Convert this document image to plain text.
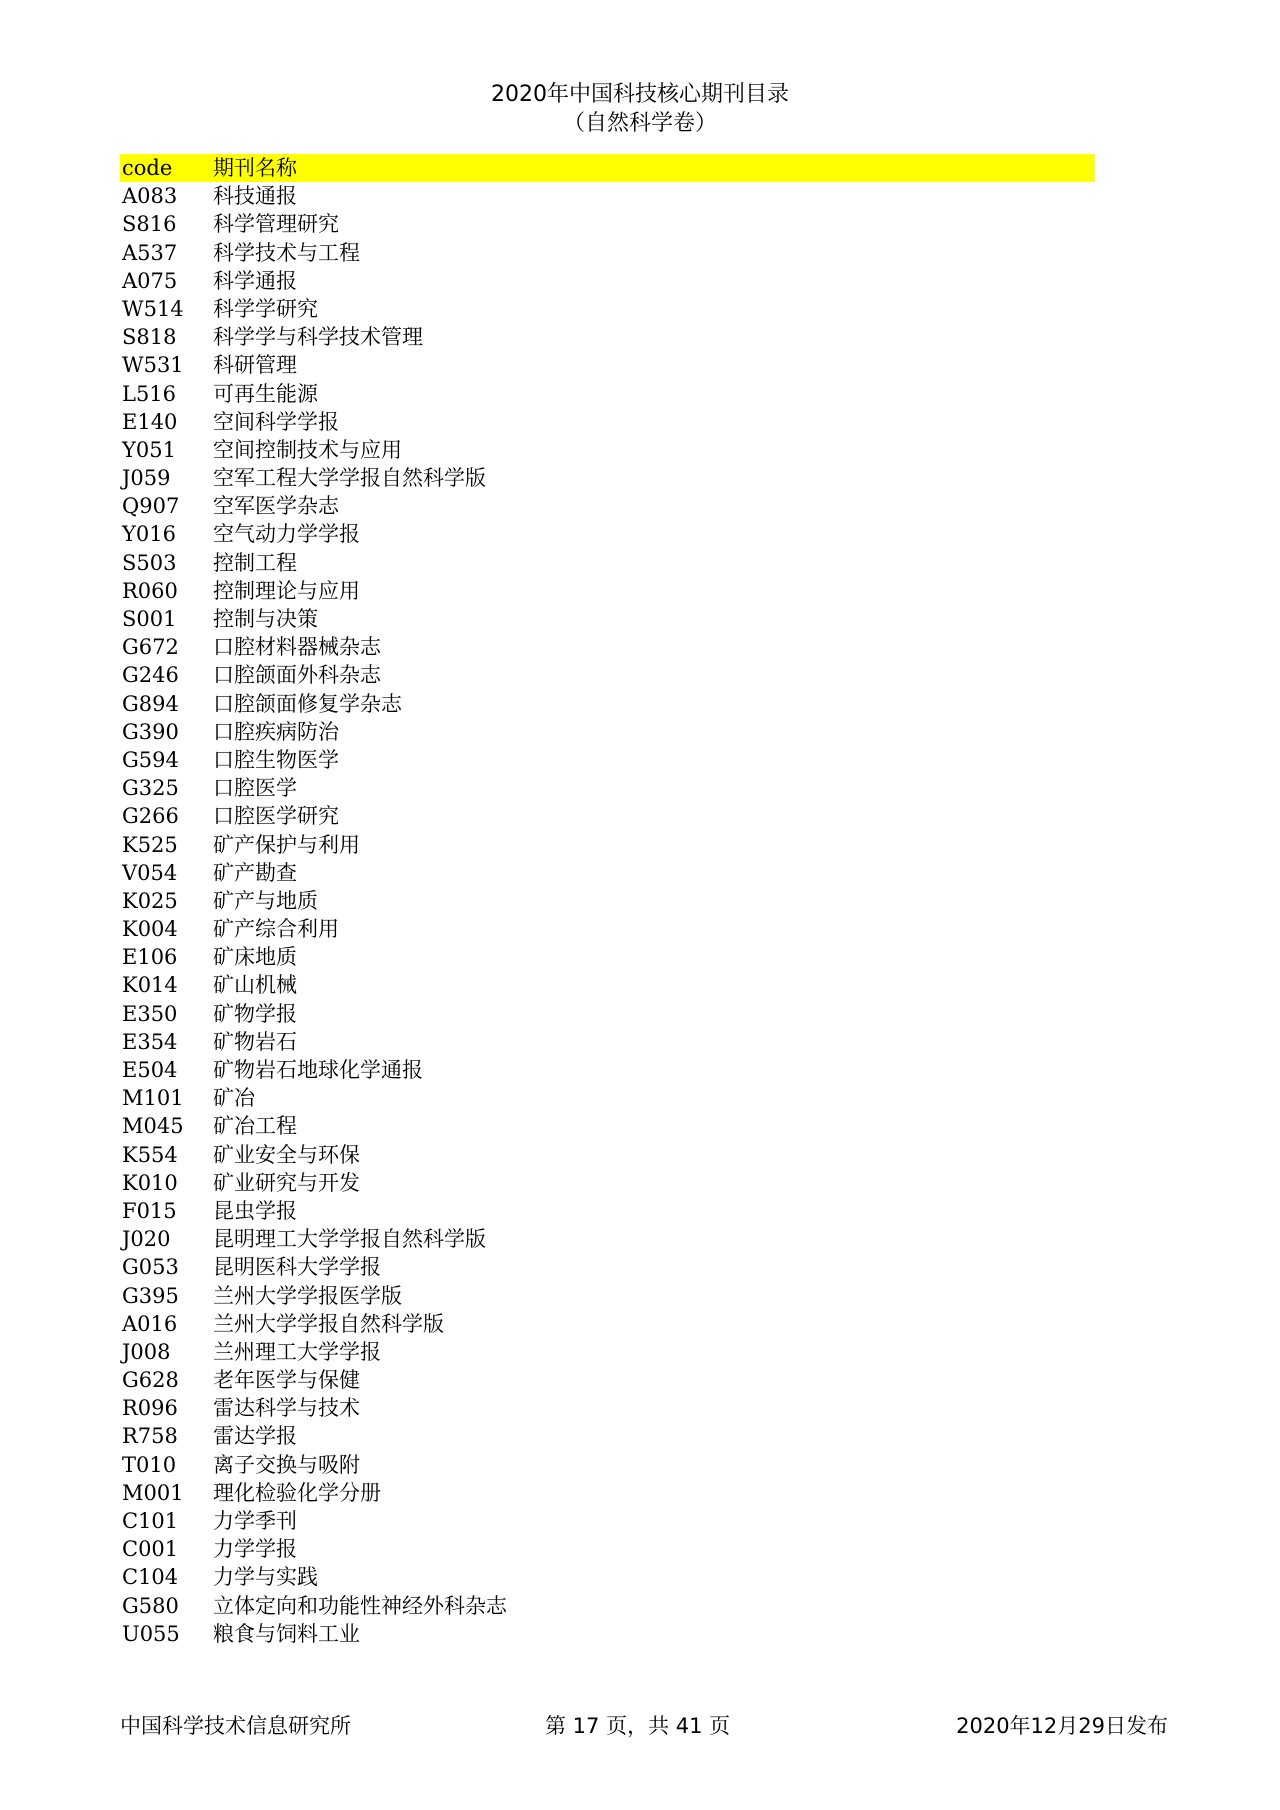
2020年中国科技核心期刊目录
（自然科学卷）
code	期刊名称
A083	科技通报
S816	科学管理研究
A537	科学技术与工程
A075	科学通报
W514	科学学研究
S818	科学学与科学技术管理
W531	科研管理
L516	可再生能源
E140	空间科学学报
Y051	空间控制技术与应用
J059	空军工程大学学报自然科学版
Q907	空军医学杂志
Y016	空气动力学学报
S503	控制工程
R060	控制理论与应用
S001	控制与决策
G672	口腔材料器械杂志
G246	口腔颌面外科杂志
G894	口腔颌面修复学杂志
G390	口腔疾病防治
G594	口腔生物医学
G325	口腔医学
G266	口腔医学研究
K525	矿产保护与利用
V054	矿产勘查
K025	矿产与地质
K004	矿产综合利用
E106	矿床地质
K014	矿山机械
E350	矿物学报
E354	矿物岩石
E504	矿物岩石地球化学通报
M101	矿冶
M045	矿冶工程
K554	矿业安全与环保
K010	矿业研究与开发
F015	昆虫学报
J020	昆明理工大学学报自然科学版
G053	昆明医科大学学报
G395	兰州大学学报医学版
A016	兰州大学学报自然科学版
J008	兰州理工大学学报
G628	老年医学与保健
R096	雷达科学与技术
R758	雷达学报
T010	离子交换与吸附
M001	理化检验化学分册
C101	力学季刊
C001	力学学报
C104	力学与实践
G580	立体定向和功能性神经外科杂志
U055	粮食与饲料工业
中国科学技术信息研究所	第 17 页，共 41 页	2020年12月29日发布
